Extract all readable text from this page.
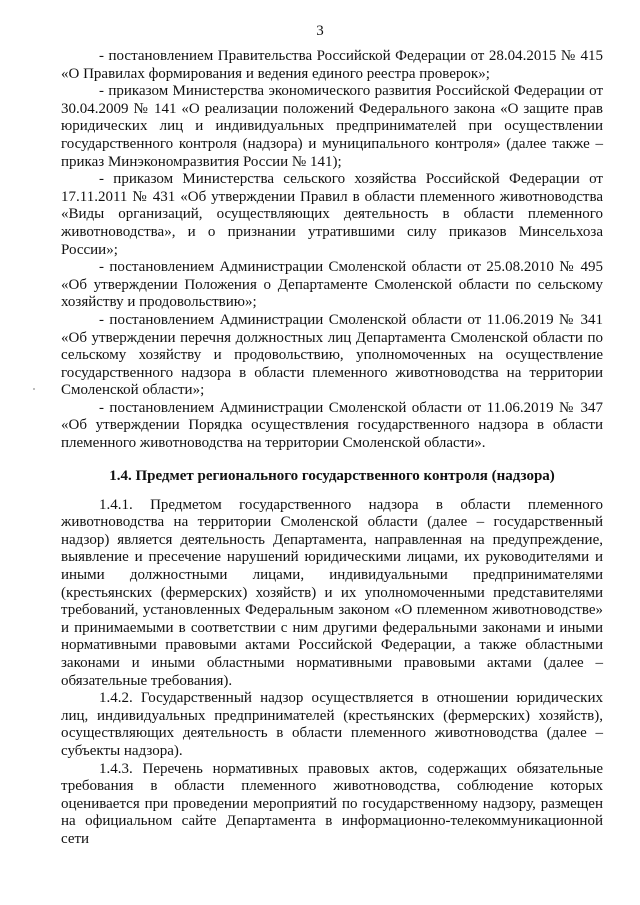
3

- постановлением Правительства Российской Федерации от 28.04.2015 № 415 «О Правилах формирования и ведения единого реестра проверок»;

- приказом Министерства экономического развития Российской Федерации от 30.04.2009 № 141 «О реализации положений Федерального закона «О защите прав юридических лиц и индивидуальных предпринимателей при осуществлении государственного контроля (надзора) и муниципального контроля» (далее также – приказ Минэкономразвития России № 141);

- приказом Министерства сельского хозяйства Российской Федерации от 17.11.2011 № 431 «Об утверждении Правил в области племенного животноводства «Виды организаций, осуществляющих деятельность в области племенного животноводства», и о признании утратившими силу приказов Минсельхоза России»;

- постановлением Администрации Смоленской области от 25.08.2010 № 495 «Об утверждении Положения о Департаменте Смоленской области по сельскому хозяйству и продовольствию»;

- постановлением Администрации Смоленской области от 11.06.2019 № 341 «Об утверждении перечня должностных лиц Департамента Смоленской области по сельскому хозяйству и продовольствию, уполномоченных на осуществление государственного надзора в области племенного животноводства на территории Смоленской области»;

- постановлением Администрации Смоленской области от 11.06.2019 № 347 «Об утверждении Порядка осуществления государственного надзора в области племенного животноводства на территории Смоленской области».

1.4. Предмет регионального государственного контроля (надзора)

1.4.1. Предметом государственного надзора в области племенного животноводства на территории Смоленской области (далее – государственный надзор) является деятельность Департамента, направленная на предупреждение, выявление и пресечение нарушений юридическими лицами, их руководителями и иными должностными лицами, индивидуальными предпринимателями (крестьянских (фермерских) хозяйств) и их уполномоченными представителями требований, установленных Федеральным законом «О племенном животноводстве» и принимаемыми в соответствии с ним другими федеральными законами и иными нормативными правовыми актами Российской Федерации, а также областными законами и иными областными нормативными правовыми актами (далее – обязательные требования).

1.4.2. Государственный надзор осуществляется в отношении юридических лиц, индивидуальных предпринимателей (крестьянских (фермерских) хозяйств), осуществляющих деятельность в области племенного животноводства (далее – субъекты надзора).

1.4.3. Перечень нормативных правовых актов, содержащих обязательные требования в области племенного животноводства, соблюдение которых оценивается при проведении мероприятий по государственному надзору, размещен на официальном сайте Департамента в информационно-телекоммуникационной сети
